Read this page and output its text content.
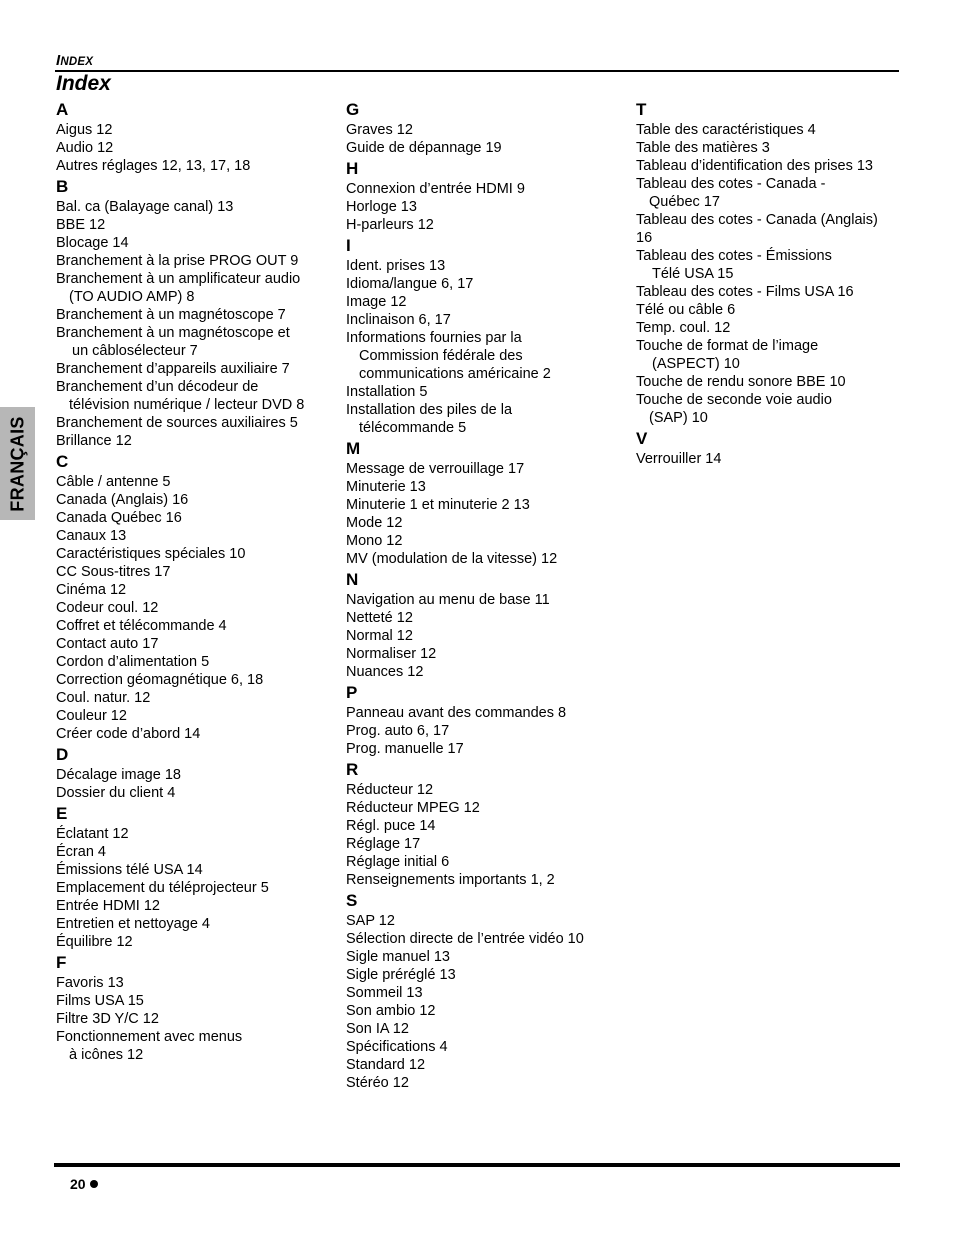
INDEX
Index
FRANÇAIS
A
Aigus 12
Audio 12
Autres réglages 12, 13, 17, 18
B
Bal. ca (Balayage canal) 13
BBE 12
Blocage 14
Branchement à la prise PROG OUT 9
Branchement à un amplificateur audio
(TO AUDIO AMP) 8
Branchement à un magnétoscope 7
Branchement à un magnétoscope et
un câblosélecteur 7
Branchement d’appareils auxiliaire 7
Branchement d’un décodeur de
télévision numérique / lecteur DVD 8
Branchement de sources auxiliaires 5
Brillance 12
C
Câble / antenne 5
Canada (Anglais) 16
Canada Québec 16
Canaux 13
Caractéristiques spéciales 10
CC Sous-titres 17
Cinéma 12
Codeur coul. 12
Coffret et télécommande 4
Contact auto 17
Cordon d’alimentation 5
Correction géomagnétique 6, 18
Coul. natur. 12
Couleur 12
Créer code d’abord 14
D
Décalage image 18
Dossier du client 4
E
Éclatant 12
Écran 4
Émissions télé USA 14
Emplacement du téléprojecteur 5
Entrée HDMI 12
Entretien et nettoyage 4
Équilibre 12
F
Favoris 13
Films USA 15
Filtre 3D Y/C 12
Fonctionnement avec menus
à icônes 12
G
Graves 12
Guide de dépannage 19
H
Connexion d’entrée HDMI 9
Horloge 13
H-parleurs 12
I
Ident. prises 13
Idioma/langue 6, 17
Image 12
Inclinaison 6, 17
Informations fournies par la
Commission fédérale des
communications américaine 2
Installation 5
Installation des piles de la
télécommande 5
M
Message de verrouillage 17
Minuterie 13
Minuterie 1 et minuterie 2 13
Mode 12
Mono 12
MV (modulation de la vitesse) 12
N
Navigation au menu de base 11
Netteté 12
Normal 12
Normaliser 12
Nuances 12
P
Panneau avant des commandes 8
Prog. auto 6, 17
Prog. manuelle 17
R
Réducteur 12
Réducteur MPEG 12
Régl. puce 14
Réglage 17
Réglage initial 6
Renseignements importants 1, 2
S
SAP 12
Sélection directe de l’entrée vidéo 10
Sigle manuel 13
Sigle préréglé 13
Sommeil 13
Son ambio 12
Son IA 12
Spécifications 4
Standard 12
Stéréo 12
T
Table des caractéristiques 4
Table des matières 3
Tableau d’identification des prises 13
Tableau des cotes - Canada -
Québec 17
Tableau des cotes - Canada (Anglais)
16
Tableau des cotes - Émissions
Télé USA 15
Tableau des cotes - Films USA 16
Télé ou câble 6
Temp. coul. 12
Touche de format de l’image
(ASPECT) 10
Touche de rendu sonore BBE 10
Touche de seconde voie audio
(SAP) 10
V
Verrouiller 14
20
